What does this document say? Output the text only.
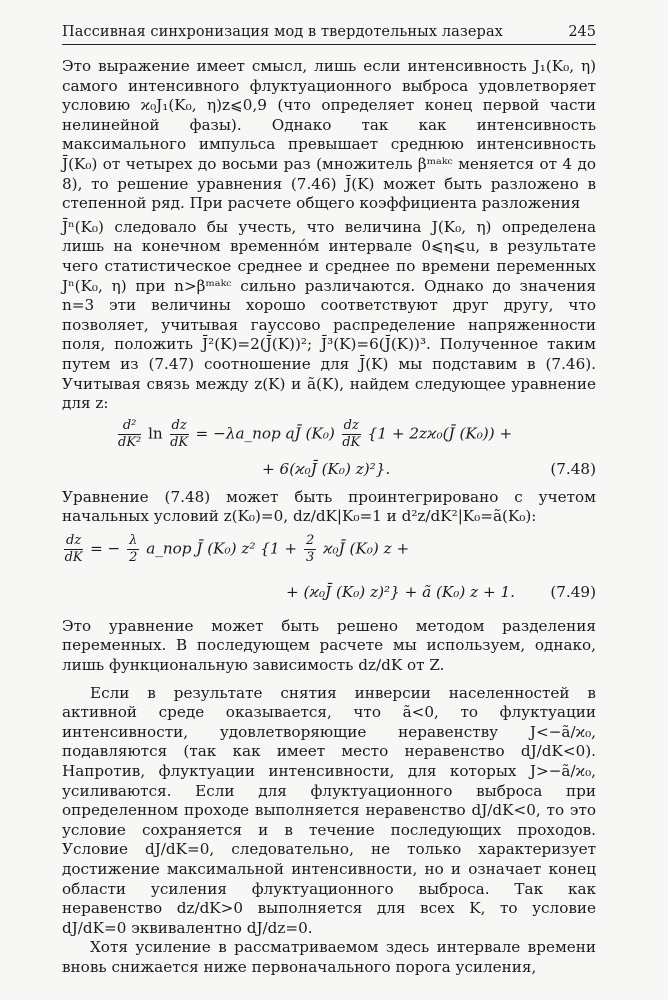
Пассивная синхронизация мод в твердотельных лазерах	245

Это выражение имеет смысл, лишь если интенсивность J₁(K₀, η) самого интенсивного флуктуационного выброса удовлетворяет условию ϰ₀J₁(K₀, η)z⩽0,9 (что определяет конец первой части нелинейной фазы). Однако так как интенсивность максимального импульса превышает среднюю интенсивность J̄(K₀) от четырех до восьми раз (множитель βᵐᵃᵏᶜ меняется от 4 до 8), то решение уравнения (7.46) J̄(K) может быть разложено в степенной ряд. При расчете общего коэффициента разложения

J̄ⁿ(K₀) следовало бы учесть, что величина J(K₀, η) определена лишь на конечном временно́м интервале 0⩽η⩽u, в результате чего статистическое среднее и среднее по времени переменных Jⁿ(K₀, η) при n>βᵐᵃᵏᶜ сильно различаются. Однако до значения n=3 эти величины хорошо соответствуют друг другу, что позволяет, учитывая гауссово распределение напряженности поля, положить J̄²(K)=2(J̄(K))²; J̄³(K)=6(J̄(K))³. Полученное таким путем из (7.47) соотношение для J̄(K) мы подставим в (7.46). Учитывая связь между z(K) и ã(K), найдем следующее уравнение для z:

$\frac{\text{d²}}{\text{dK²}}$ $\ln \frac{dz}{dK}$ = −λa_пор aJ̄ $(K_0) \frac{dz}{dK} \{1$ + 2zϰ₀(J̄ (K₀)) +
+ 6(ϰ₀J̄ (K₀) z)²}.	(7.48)

Уравнение (7.48) может быть проинтегрировано с учетом начальных условий z(K₀)=0, dz/dK|K₀=1 и d²z/dK²|K₀=ã(K₀):

$\frac{dz}{dK}$ = − $\frac{\lambda}{2}$ a_пор J̄ (K₀) z² {$1 + \frac{2}{3}$ ϰ₀J̄ (K₀) z +
+ (ϰ₀J̄ (K₀) z)²} + ã (K₀) z + 1. (7.49)

Это уравнение может быть решено методом разделения переменных. В последующем расчете мы используем, однако, лишь функциональную зависимость dz/dK от Z.

Если в результате снятия инверсии населенностей в активной среде оказывается, что ã<0, то флуктуации интенсивности, удовлетворяющие неравенству J<−ã/ϰ₀, подавляются (так как имеет место неравенство dJ/dK<0). Напротив, флуктуации интенсивности, для которых J>−ã/ϰ₀, усиливаются. Если для флуктуационного выброса при определенном проходе выполняется неравенство dJ/dK<0, то это условие сохраняется и в течение последующих проходов. Условие dJ/dK=0, следовательно, не только характеризует достижение максимальной интенсивности, но и означает конец области усиления флуктуационного выброса. Так как неравенство dz/dK>0 выполняется для всех K, то условие dJ/dK=0 эквивалентно dJ/dz=0.

Хотя усиление в рассматриваемом здесь интервале времени вновь снижается ниже первоначального порога усиления,
